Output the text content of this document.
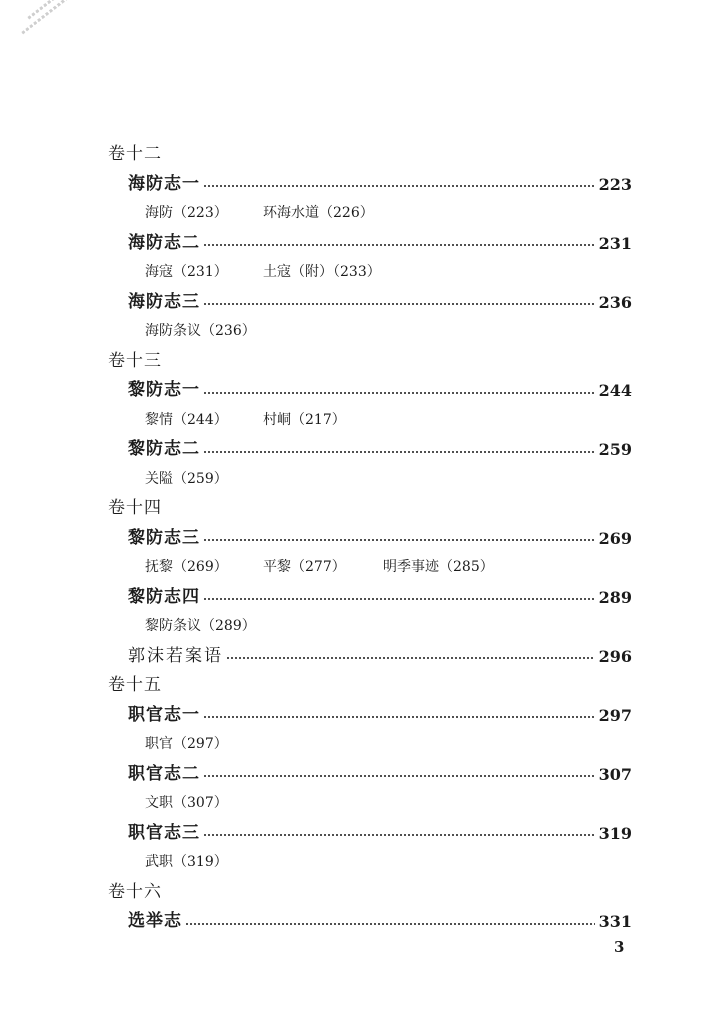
卷十二
海防志一	223
海防（223）	环海水道（226）
海防志二	231
海寇（231）	土寇（附）（233）
海防志三	236
海防条议（236）
卷十三
黎防志一	244
黎情（244）	村峒（217）
黎防志二	259
关隘（259）
卷十四
黎防志三	269
抚黎（269）	平黎（277）	明季事迹（285）
黎防志四	289
黎防条议（289）
郭沫若案语	296
卷十五
职官志一	297
职官（297）
职官志二	307
文职（307）
职官志三	319
武职（319）
卷十六
选举志	331
3
